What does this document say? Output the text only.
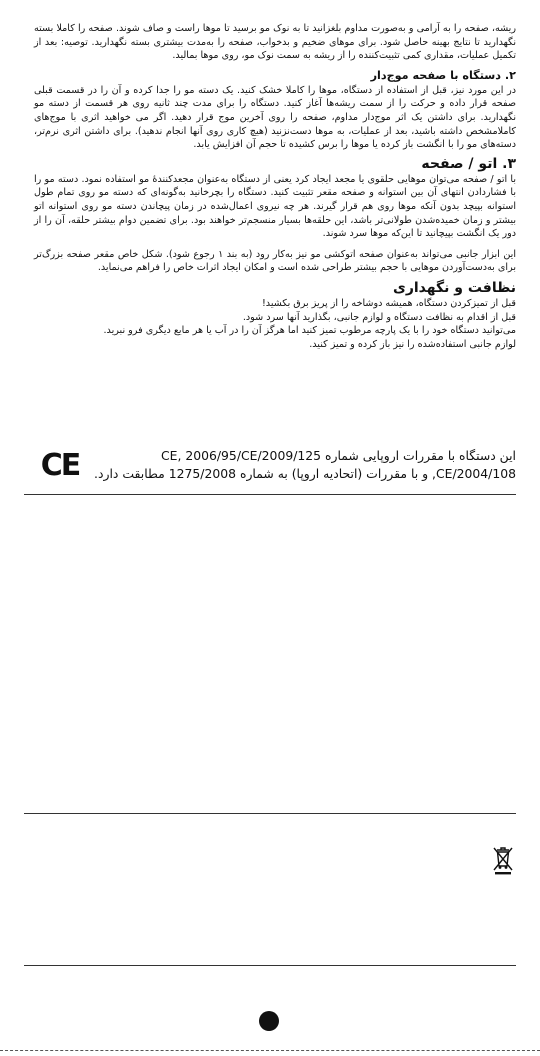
ریشه، صفحه را به آرامی و به‌صورت مداوم بلغزانید تا به نوک مو برسید تا موها راست و صاف شوند. صفحه را کاملا بسته نگهدارید تا نتایج بهینه حاصل شود. برای موهای ضخیم و بدخواب، صفحه را به‌مدت بیشتری بسته نگهدارید. توصیه: بعد از تکمیل عملیات، مقداری کمی تثبیت‌کننده را از ریشه به سمت نوک مو، روی موها بمالید.

۲. دستگاه با صفحه موج‌دار

در این مورد نیز، قبل از استفاده از دستگاه، موها را کاملا خشک کنید. یک دسته مو را جدا کرده و آن را در قسمت قبلی صفحه قرار داده و حرکت را از سمت ریشه‌ها آغاز کنید. دستگاه را برای مدت چند ثانیه روی هر قسمت از دسته مو نگهدارید. برای داشتن یک اثر موج‌دار مداوم، صفحه را روی آخرین موج قرار دهید. اگر می خواهید اثری با موج‌های کاملامشخص داشته باشید، بعد از عملیات، به موها دست‌نزنید (هیچ کاری روی آنها انجام ندهید). برای داشتن اثری نرم‌تر، دسته‌های مو را با انگشت باز کرده یا موها را برس کشیده تا حجم آن افزایش یابد.

۳. اتو / صفحه

با اتو / صفحه می‌توان موهایی حلقوی یا مجعد ایجاد کرد یعنی از دستگاه به‌عنوان مجعدکنندهٔ مو استفاده نمود. دسته مو را با فشاردادن انتهای آن بین استوانه و صفحه مقعر تثبیت کنید. دستگاه را بچرخانید به‌گونه‌ای که دسته مو روی تمام طول استوانه بپیچد بدون آنکه موها روی هم قرار گیرند. هر چه نیروی اعمال‌شده در زمان پیچاندن دسته مو روی استوانه اتو بیشتر و زمان خمیده‌شدن طولانی‌تر باشد، این حلقه‌ها بسیار منسجم‌تر خواهند بود. برای تضمین دوام بیشتر حلقه، آن را از دور یک انگشت بپیچانید تا این‌که موها سرد شوند.

این ابزار جانبی می‌تواند به‌عنوان صفحه اتوکشی مو نیز به‌کار رود (به بند ۱ رجوع شود). شکل خاص مقعر صفحه بزرگ‌تر برای به‌دست‌آوردن موهایی با حجم بیشتر طراحی شده است و امکان ایجاد اثرات خاص را فراهم می‌نماید.

نظافت و نگهداری

قبل از تمیزکردن دستگاه، همیشه دوشاخه را از پریز برق بکشید!

قبل از اقدام به نظافت دستگاه و لوازم جانبی، بگذارید آنها سرد شود.

می‌توانید دستگاه خود را با یک پارچه مرطوب تمیز کنید اما هرگز آن را در آب یا هر مایع دیگری فرو نبرید.

لوازم جانبی استفاده‌شده را نیز باز کرده و تمیز کنید.

CE	این دستگاه با مقررات اروپایی شماره 2009/125/CE, 2006/95/CE
2004/108/CE, و با مقررات (اتحادیه اروپا) به شماره 1275/2008 مطابقت دارد.
